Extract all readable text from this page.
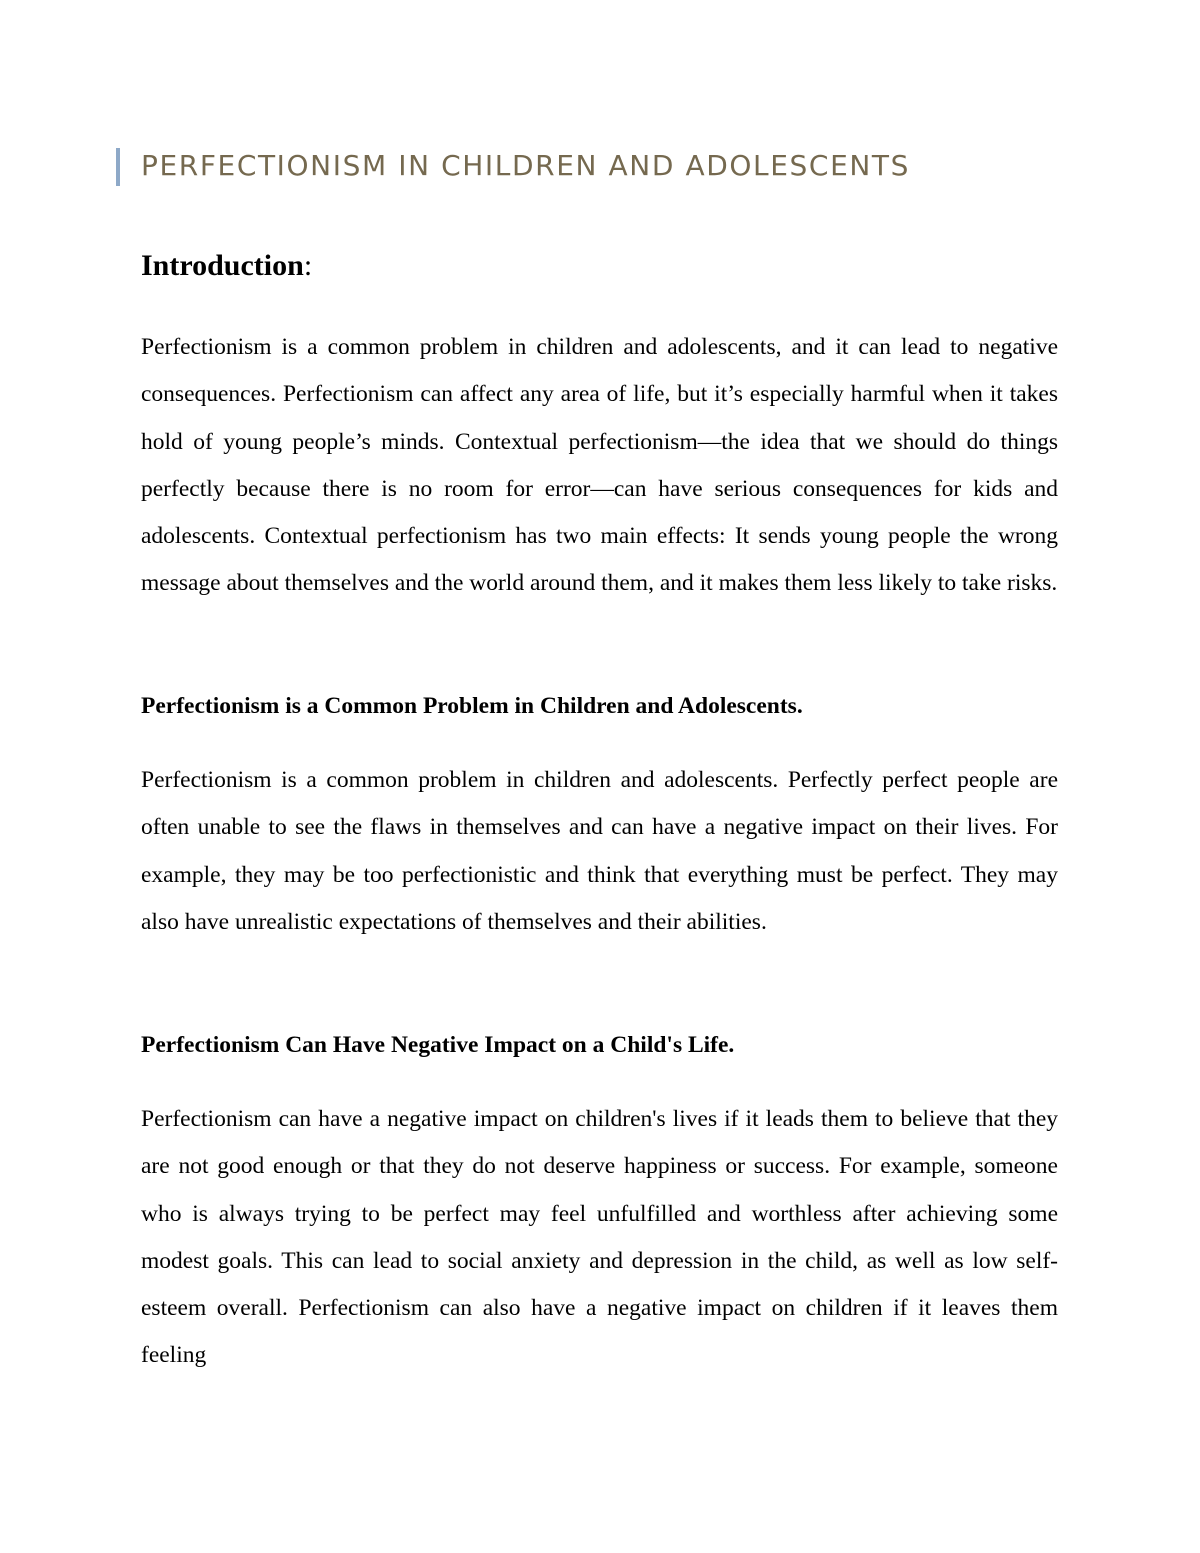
PERFECTIONISM IN CHILDREN AND ADOLESCENTS
Introduction:

Perfectionism is a common problem in children and adolescents, and it can lead to negative consequences. Perfectionism can affect any area of life, but it’s especially harmful when it takes hold of young people’s minds. Contextual perfectionism—the idea that we should do things perfectly because there is no room for error—can have serious consequences for kids and adolescents. Contextual perfectionism has two main effects: It sends young people the wrong message about themselves and the world around them, and it makes them less likely to take risks.

Perfectionism is a Common Problem in Children and Adolescents.

Perfectionism is a common problem in children and adolescents. Perfectly perfect people are often unable to see the flaws in themselves and can have a negative impact on their lives. For example, they may be too perfectionistic and think that everything must be perfect. They may also have unrealistic expectations of themselves and their abilities.

Perfectionism Can Have Negative Impact on a Child's Life.

Perfectionism can have a negative impact on children's lives if it leads them to believe that they are not good enough or that they do not deserve happiness or success. For example, someone who is always trying to be perfect may feel unfulfilled and worthless after achieving some modest goals. This can lead to social anxiety and depression in the child, as well as low self-esteem overall. Perfectionism can also have a negative impact on children if it leaves them feeling
